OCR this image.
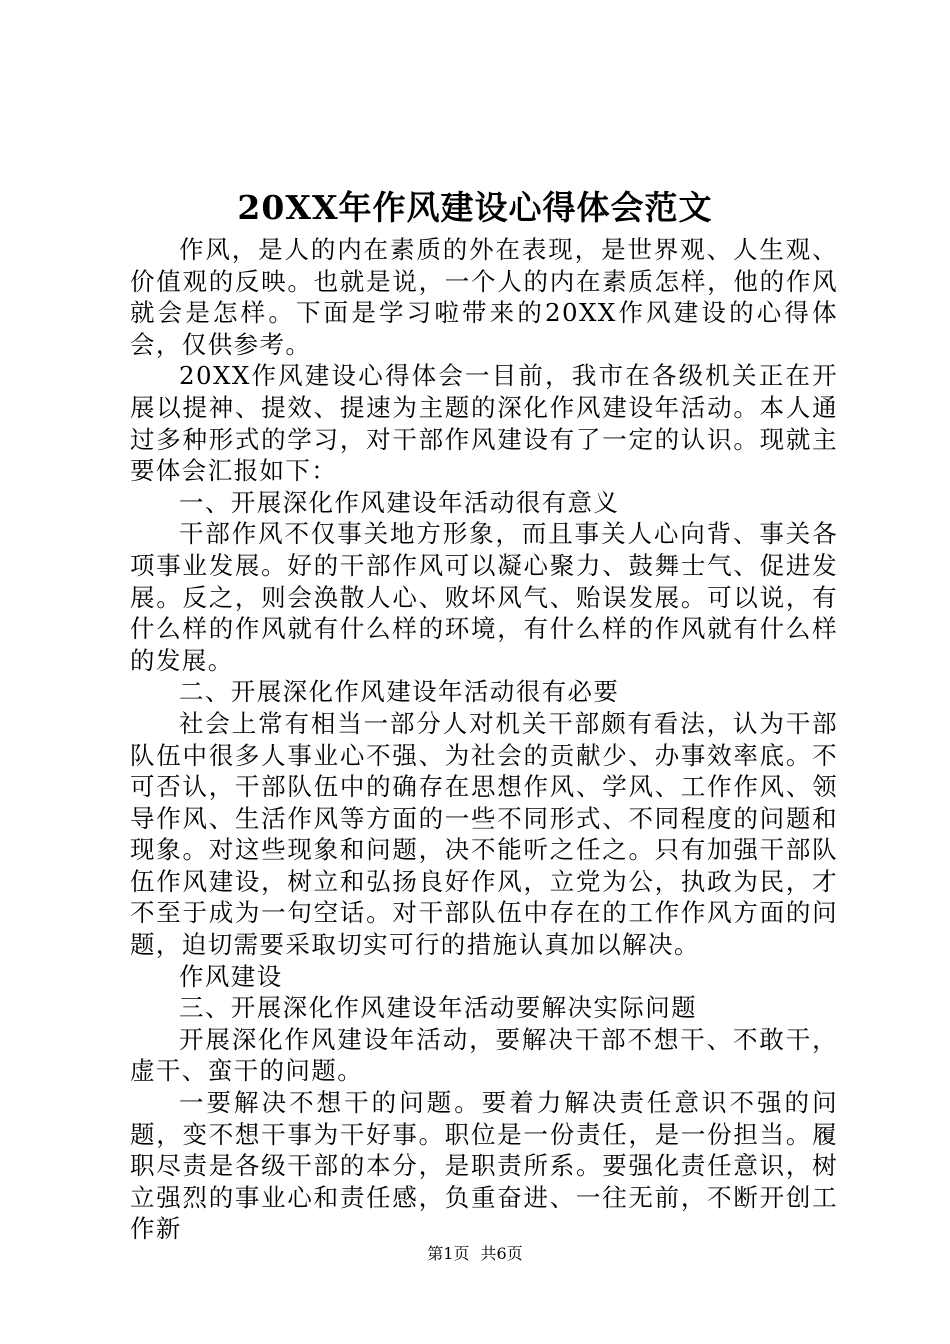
20XX年作风建设心得体会范文

作风，是人的内在素质的外在表现，是世界观、人生观、价值观的反映。也就是说，一个人的内在素质怎样，他的作风就会是怎样。下面是学习啦带来的20XX作风建设的心得体会，仅供参考。

20XX作风建设心得体会一目前，我市在各级机关正在开展以提神、提效、提速为主题的深化作风建设年活动。本人通过多种形式的学习，对干部作风建设有了一定的认识。现就主要体会汇报如下：

一、开展深化作风建设年活动很有意义

干部作风不仅事关地方形象，而且事关人心向背、事关各项事业发展。好的干部作风可以凝心聚力、鼓舞士气、促进发展。反之，则会涣散人心、败坏风气、贻误发展。可以说，有什么样的作风就有什么样的环境，有什么样的作风就有什么样的发展。

二、开展深化作风建设年活动很有必要

社会上常有相当一部分人对机关干部颇有看法，认为干部队伍中很多人事业心不强、为社会的贡献少、办事效率底。不可否认，干部队伍中的确存在思想作风、学风、工作作风、领导作风、生活作风等方面的一些不同形式、不同程度的问题和现象。对这些现象和问题，决不能听之任之。只有加强干部队伍作风建设，树立和弘扬良好作风，立党为公，执政为民，才不至于成为一句空话。对干部队伍中存在的工作作风方面的问题，迫切需要采取切实可行的措施认真加以解决。

作风建设

三、开展深化作风建设年活动要解决实际问题

开展深化作风建设年活动，要解决干部不想干、不敢干，虚干、蛮干的问题。

一要解决不想干的问题。要着力解决责任意识不强的问题，变不想干事为干好事。职位是一份责任，是一份担当。履职尽责是各级干部的本分，是职责所系。要强化责任意识，树立强烈的事业心和责任感，负重奋进、一往无前，不断开创工作新

第1页 共6页
